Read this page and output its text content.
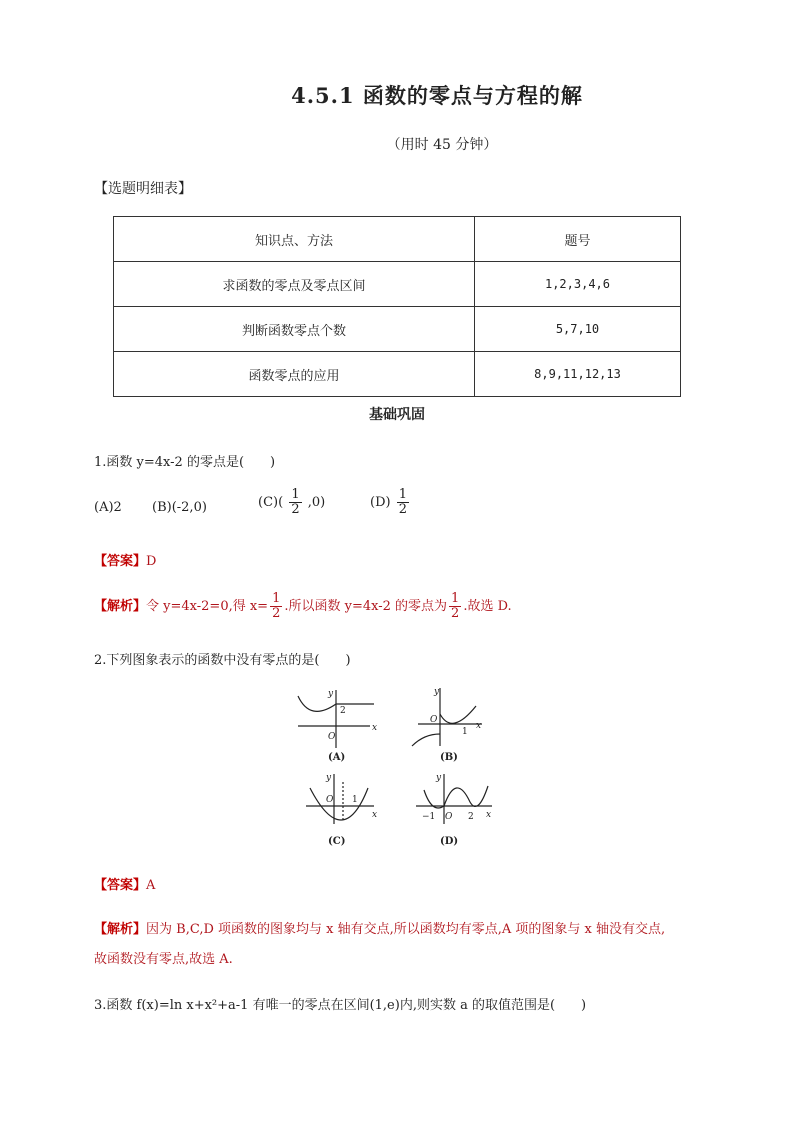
4.5.1 函数的零点与方程的解
（用时 45 分钟）
【选题明细表】
知识点、方法	题号
求函数的零点及零点区间	1,2,3,4,6
判断函数零点个数	5,7,10
函数零点的应用	8,9,11,12,13
基础巩固
1.函数 y=4x-2 的零点是(　　)
(A)2 (B)(-2,0)	$(C)( \frac{1}{2} ,0)$	$(D) \frac{1}{2}$
【答案】D
【解析】令 y=4x-2=0,得 $x= \frac{1}{2}$ .所以函数 y=4x-2 的零点为 $\frac{1}{2}$ .故选 D.
2.下列图象表示的函数中没有零点的是(　　)
y
x
O
2
y
x
O
1
y
x
O 1
y
x
O
−1	2
(A)	(B)
(C)	(D)
【答案】A
【解析】因为 B,C,D 项函数的图象均与 x 轴有交点,所以函数均有零点,A 项的图象与 x 轴没有交点,
故函数没有零点,故选 A.
3.函数 f(x)=ln x+x²+a-1 有唯一的零点在区间(1,e)内,则实数 a 的取值范围是(　　)
